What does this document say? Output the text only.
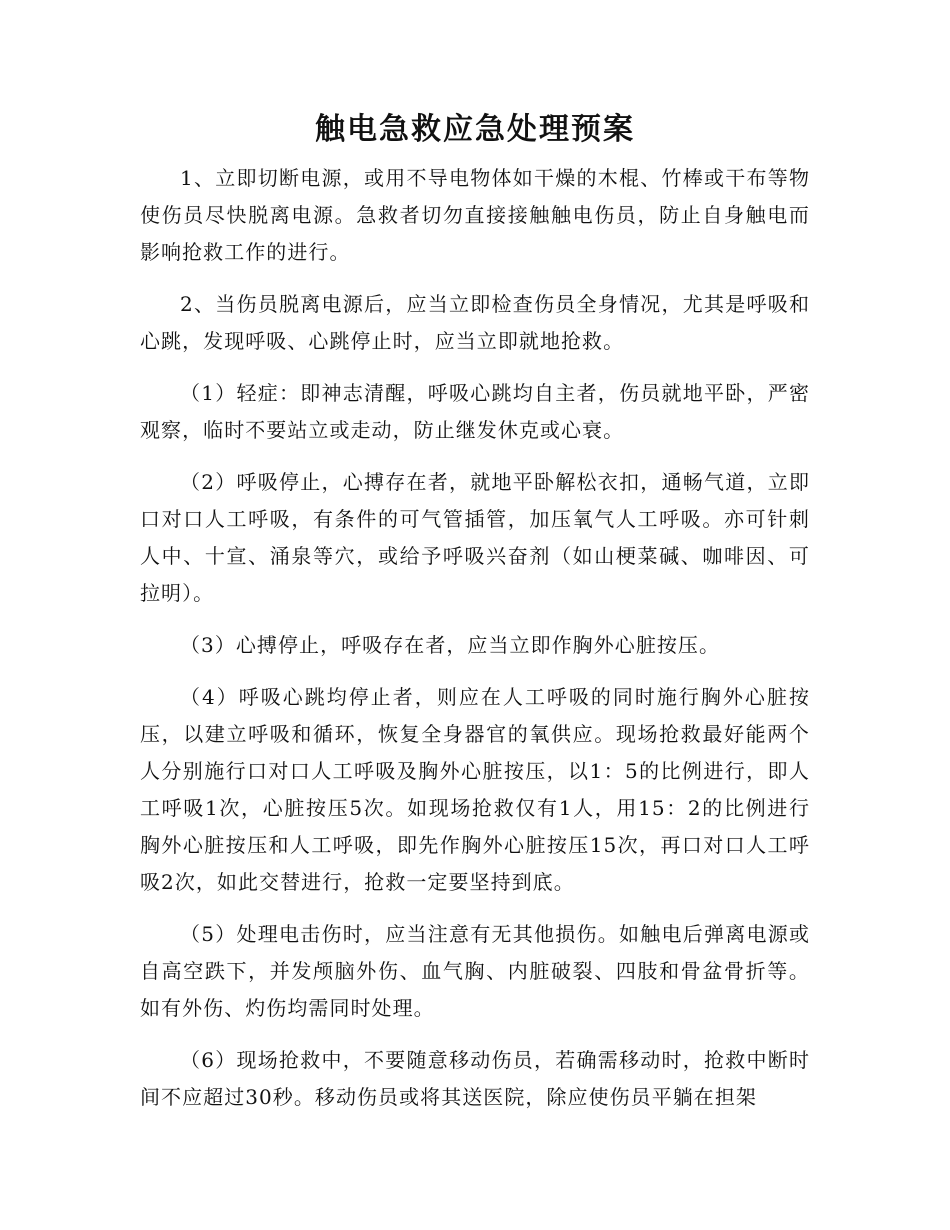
触电急救应急处理预案

1、立即切断电源，或用不导电物体如干燥的木棍、竹棒或干布等物使伤员尽快脱离电源。急救者切勿直接接触触电伤员，防止自身触电而影响抢救工作的进行。

2、当伤员脱离电源后，应当立即检查伤员全身情况，尤其是呼吸和心跳，发现呼吸、心跳停止时，应当立即就地抢救。

（1）轻症：即神志清醒，呼吸心跳均自主者，伤员就地平卧，严密观察，临时不要站立或走动，防止继发休克或心衰。

（2）呼吸停止，心搏存在者，就地平卧解松衣扣，通畅气道，立即口对口人工呼吸，有条件的可气管插管，加压氧气人工呼吸。亦可针刺人中、十宣、涌泉等穴，或给予呼吸兴奋剂（如山梗菜碱、咖啡因、可拉明）。

（3）心搏停止，呼吸存在者，应当立即作胸外心脏按压。

（4）呼吸心跳均停止者，则应在人工呼吸的同时施行胸外心脏按压，以建立呼吸和循环，恢复全身器官的氧供应。现场抢救最好能两个人分别施行口对口人工呼吸及胸外心脏按压，以1：5的比例进行，即人工呼吸1次，心脏按压5次。如现场抢救仅有1人，用15：2的比例进行胸外心脏按压和人工呼吸，即先作胸外心脏按压15次，再口对口人工呼吸2次，如此交替进行，抢救一定要坚持到底。

（5）处理电击伤时，应当注意有无其他损伤。如触电后弹离电源或自高空跌下，并发颅脑外伤、血气胸、内脏破裂、四肢和骨盆骨折等。如有外伤、灼伤均需同时处理。

（6）现场抢救中，不要随意移动伤员，若确需移动时，抢救中断时间不应超过30秒。移动伤员或将其送医院，除应使伤员平躺在担架
